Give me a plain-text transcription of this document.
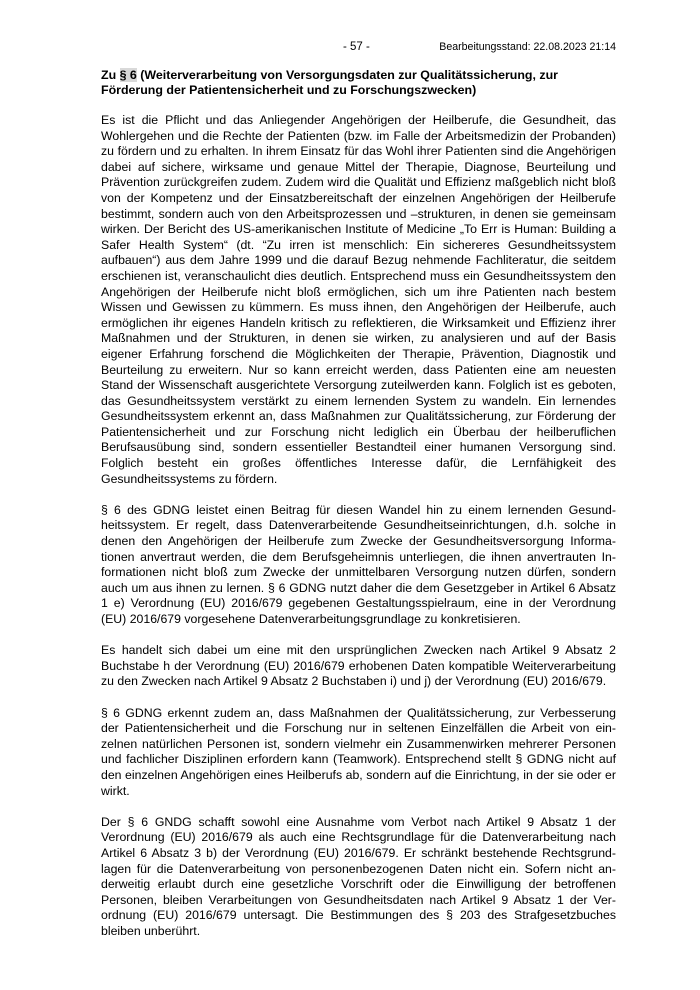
- 57 -	Bearbeitungsstand: 22.08.2023 21:14
Zu § 6 (Weiterverarbeitung von Versorgungsdaten zur Qualitätssicherung, zur Förderung der Patientensicherheit und zu Forschungszwecken)

Es ist die Pflicht und das Anliegender Angehörigen der Heilberufe, die Gesundheit, das Wohlergehen und die Rechte der Patienten (bzw. im Falle der Arbeitsmedizin der Probanden) zu fördern und zu erhalten. In ihrem Einsatz für das Wohl ihrer Patienten sind die Angehörigen dabei auf sichere, wirksame und genaue Mittel der Therapie, Diagnose, Beurteilung und Prävention zurückgreifen zudem. Zudem wird die Qualität und Effizienz maßgeblich nicht bloß von der Kompetenz und der Einsatzbereitschaft der einzelnen Angehörigen der Heilberufe bestimmt, sondern auch von den Arbeitsprozessen und –strukturen, in denen sie gemeinsam wirken. Der Bericht des US-amerikanischen Institute of Medicine „To Err is Human: Building a Safer Health System“ (dt. “Zu irren ist menschlich: Ein sichereres Gesundheitssystem aufbauen“) aus dem Jahre 1999 und die darauf Bezug nehmende Fachliteratur, die seitdem erschienen ist, veranschaulicht dies deutlich. Entsprechend muss ein Gesundheitssystem den Angehörigen der Heilberufe nicht bloß ermöglichen, sich um ihre Patienten nach bestem Wissen und Gewissen zu kümmern. Es muss ihnen, den Angehörigen der Heilberufe, auch ermöglichen ihr eigenes Handeln kritisch zu reflektieren, die Wirksamkeit und Effizienz ihrer Maßnahmen und der Strukturen, in denen sie wirken, zu analysieren und auf der Basis eigener Erfahrung forschend die Möglichkeiten der Therapie, Prävention, Diagnostik und Beurteilung zu erweitern. Nur so kann erreicht werden, dass Patienten eine am neuesten Stand der Wissenschaft ausgerichtete Versorgung zuteilwerden kann. Folglich ist es geboten, das Gesundheitssystem verstärkt zu einem lernenden System zu wandeln. Ein lernendes Gesundheitssystem erkennt an, dass Maßnahmen zur Qualitätssicherung, zur Förderung der Patientensicherheit und zur Forschung nicht lediglich ein Überbau der heilberuflichen Berufsausübung sind, sondern essentieller Bestandteil einer humanen Versorgung sind. Folglich besteht ein großes öffentliches Interesse dafür, die Lernfähigkeit des Gesundheitssystems zu fördern.

§ 6 des GDNG leistet einen Beitrag für diesen Wandel hin zu einem lernenden Gesundheitssystem. Er regelt, dass Datenverarbeitende Gesundheitseinrichtungen, d.h. solche in denen den Angehörigen der Heilberufe zum Zwecke der Gesundheitsversorgung Informationen anvertraut werden, die dem Berufsgeheimnis unterliegen, die ihnen anvertrauten Informationen nicht bloß zum Zwecke der unmittelbaren Versorgung nutzen dürfen, sondern auch um aus ihnen zu lernen. § 6 GDNG nutzt daher die dem Gesetzgeber in Artikel 6 Absatz 1 e) Verordnung (EU) 2016/679 gegebenen Gestaltungsspielraum, eine in der Verordnung (EU) 2016/679 vorgesehene Datenverarbeitungsgrundlage zu konkretisieren.

Es handelt sich dabei um eine mit den ursprünglichen Zwecken nach Artikel 9 Absatz 2 Buchstabe h der Verordnung (EU) 2016/679 erhobenen Daten kompatible Weiterverarbeitung zu den Zwecken nach Artikel 9 Absatz 2 Buchstaben i) und j) der Verordnung (EU) 2016/679.

§ 6 GDNG erkennt zudem an, dass Maßnahmen der Qualitätssicherung, zur Verbesserung der Patientensicherheit und die Forschung nur in seltenen Einzelfällen die Arbeit von einzelnen natürlichen Personen ist, sondern vielmehr ein Zusammenwirken mehrerer Personen und fachlicher Disziplinen erfordern kann (Teamwork). Entsprechend stellt § GDNG nicht auf den einzelnen Angehörigen eines Heilberufs ab, sondern auf die Einrichtung, in der sie oder er wirkt.

Der § 6 GNDG schafft sowohl eine Ausnahme vom Verbot nach Artikel 9 Absatz 1 der Verordnung (EU) 2016/679 als auch eine Rechtsgrundlage für die Datenverarbeitung nach Artikel 6 Absatz 3 b) der Verordnung (EU) 2016/679. Er schränkt bestehende Rechtsgrundlagen für die Datenverarbeitung von personenbezogenen Daten nicht ein. Sofern nicht anderweitig erlaubt durch eine gesetzliche Vorschrift oder die Einwilligung der betroffenen Personen, bleiben Verarbeitungen von Gesundheitsdaten nach Artikel 9 Absatz 1 der Verordnung (EU) 2016/679 untersagt. Die Bestimmungen des § 203 des Strafgesetzbuches bleiben unberührt.
